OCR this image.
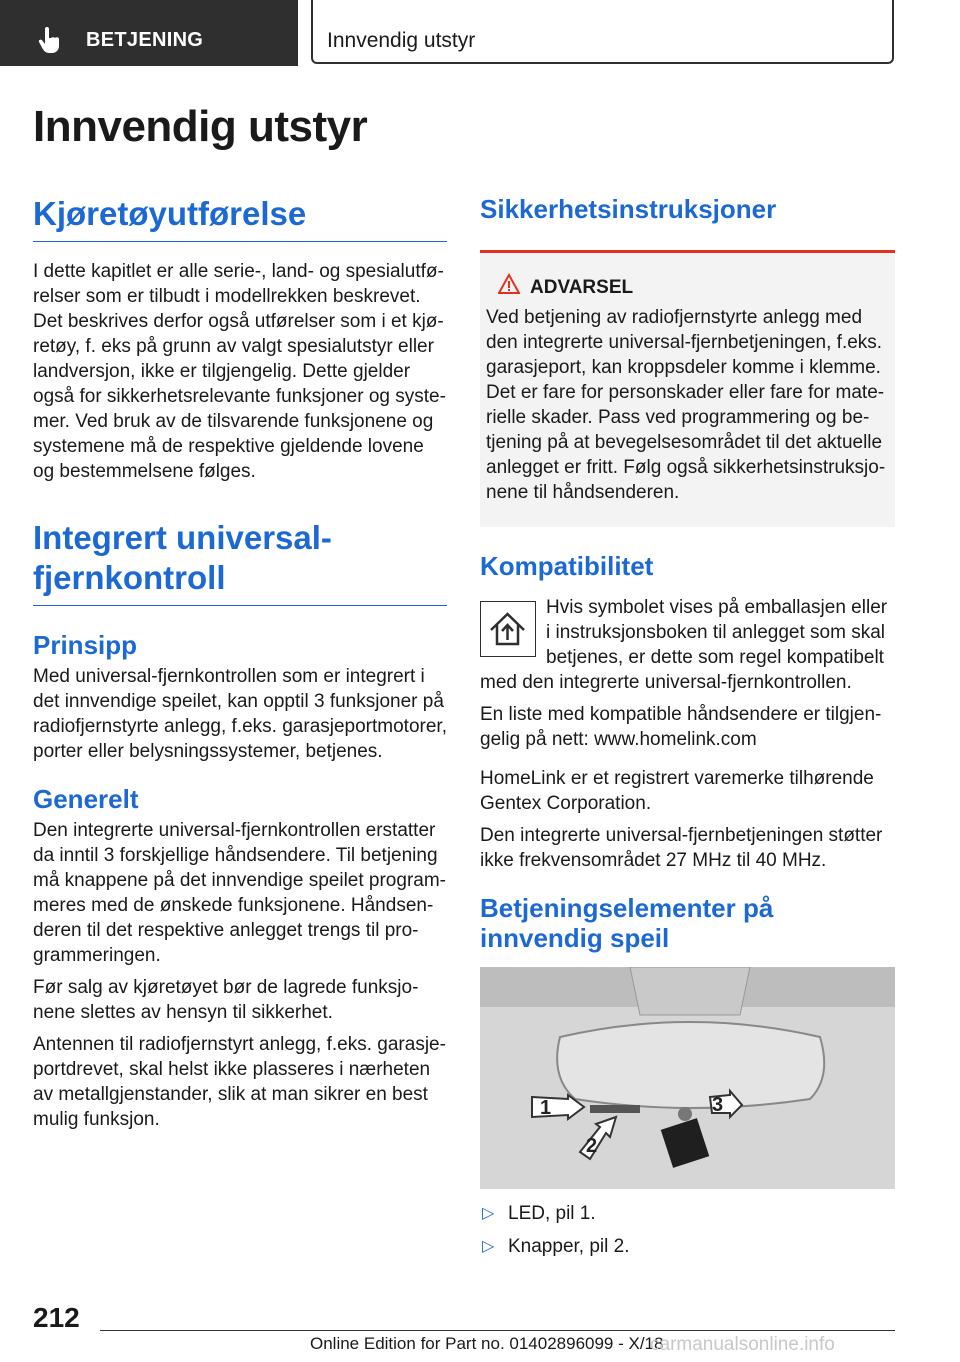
BETJENING	Innvendig utstyr
Innvendig utstyr
Kjøretøyutførelse

I dette kapitlet er alle serie-, land- og spesialutfø-relser som er tilbudt i modellrekken beskrevet. Det beskrives derfor også utførelser som i et kjø-retøy, f. eks på grunn av valgt spesialutstyr eller landversjon, ikke er tilgjengelig. Dette gjelder også for sikkerhetsrelevante funksjoner og syste-mer. Ved bruk av de tilsvarende funksjonene og systemene må de respektive gjeldende lovene og bestemmelsene følges.

Integrert universal-fjernkontroll
Prinsipp

Med universal-fjernkontrollen som er integrert i det innvendige speilet, kan opptil 3 funksjoner på radiofjernstyrte anlegg, f.eks. garasjeportmotorer, porter eller belysningssystemer, betjenes.

Generelt

Den integrerte universal-fjernkontrollen erstatter da inntil 3 forskjellige håndsendere. Til betjening må knappene på det innvendige speilet program-meres med de ønskede funksjonene. Håndsen-deren til det respektive anlegget trengs til pro-grammeringen.

Før salg av kjøretøyet bør de lagrede funksjo-nene slettes av hensyn til sikkerhet.

Antennen til radiofjernstyrt anlegg, f.eks. garasje-portdrevet, skal helst ikke plasseres i nærheten av metallgjenstander, slik at man sikrer en best mulig funksjon.

Sikkerhetsinstruksjoner
ADVARSEL
Ved betjening av radiofjernstyrte anlegg med den integrerte universal-fjernbetjeningen, f.eks. garasjeport, kan kroppsdeler komme i klemme. Det er fare for personskader eller fare for mate-rielle skader. Pass ved programmering og be-tjening på at bevegelsesområdet til det aktuelle anlegget er fritt. Følg også sikkerhetsinstruksjo-nene til håndsenderen.
Kompatibilitet

Hvis symbolet vises på emballasjen eller i instruksjonsboken til anlegget som skal betjenes, er dette som regel kompatibelt med den integrerte universal-fjernkontrollen.

En liste med kompatible håndsendere er tilgjen-gelig på nett: www.homelink.com

HomeLink er et registrert varemerke tilhørende Gentex Corporation.

Den integrerte universal-fjernbetjeningen støtter ikke frekvensområdet 27 MHz til 40 MHz.

Betjeningselementer på innvendig speil
1
2
3
▷ LED, pil 1.
▷ Knapper, pil 2.
212
Online Edition for Part no. 01402896099 - X/18
carmanualsonline.info
